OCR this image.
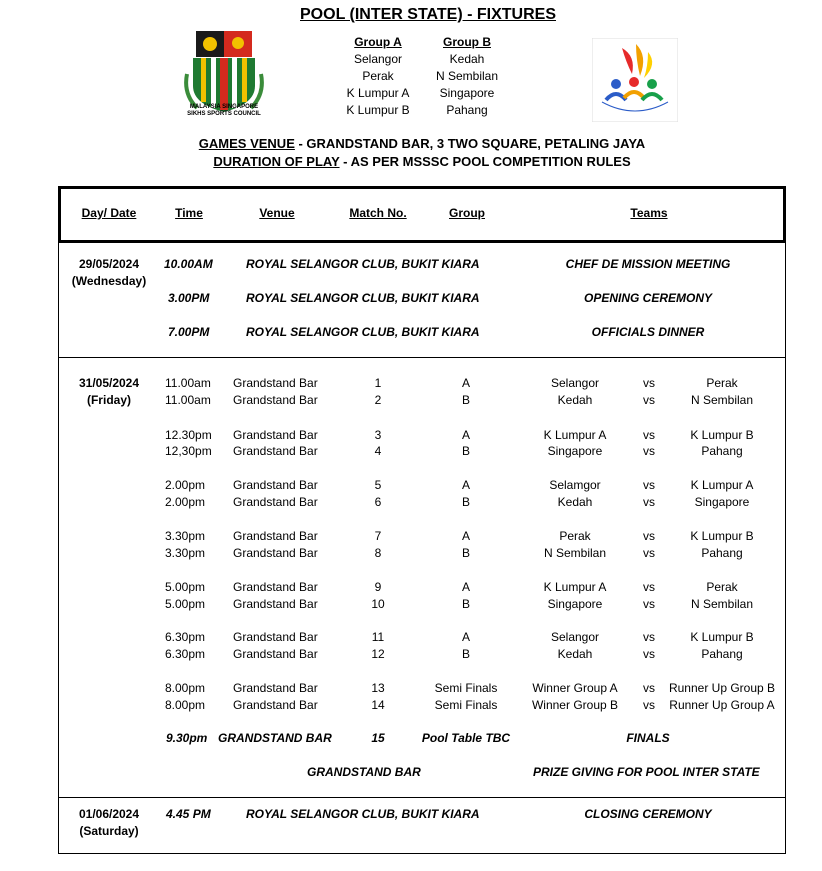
POOL (INTER STATE) - FIXTURES
MALAYSIA SINGAPORE
SIKHS SPORTS COUNCIL
Group A
Selangor
Perak
K Lumpur A
K Lumpur B
Group B
Kedah
N Sembilan
Singapore
Pahang
GAMES VENUE - GRANDSTAND BAR, 3 TWO SQUARE, PETALING JAYA
DURATION OF PLAY - AS PER MSSSC POOL COMPETITION RULES
Day/ Date	Time	Venue	Match No.	Group	Teams
29/05/2024
(Wednesday)
10.00AM	ROYAL SELANGOR CLUB, BUKIT KIARA	CHEF DE MISSION MEETING
3.00PM	ROYAL SELANGOR CLUB, BUKIT KIARA	OPENING CEREMONY
7.00PM	ROYAL SELANGOR CLUB, BUKIT KIARA	OFFICIALS DINNER
31/05/2024
(Friday)
11.00am	Grandstand Bar	1	A	Selangor	vs	Perak
11.00am	Grandstand Bar	2	B	Kedah	vs	N Sembilan
12.30pm	Grandstand Bar	3	A	K Lumpur A	vs	K Lumpur B
12,30pm	Grandstand Bar	4	B	Singapore	vs	Pahang
2.00pm	Grandstand Bar	5	A	Selamgor	vs	K Lumpur A
2.00pm	Grandstand Bar	6	B	Kedah	vs	Singapore
3.30pm	Grandstand Bar	7	A	Perak	vs	K Lumpur B
3.30pm	Grandstand Bar	8	B	N Sembilan	vs	Pahang
5.00pm	Grandstand Bar	9	A	K Lumpur A	vs	Perak
5.00pm	Grandstand Bar	10	B	Singapore	vs	N Sembilan
6.30pm	Grandstand Bar	11	A	Selangor	vs	K Lumpur B
6.30pm	Grandstand Bar	12	B	Kedah	vs	Pahang
8.00pm	Grandstand Bar	13	Semi Finals	Winner Group A	vs	Runner Up Group B
8.00pm	Grandstand Bar	14	Semi Finals	Winner Group B	vs	Runner Up Group A
9.30pm GRANDSTAND BAR	15	Pool Table TBC	FINALS
GRANDSTAND BAR	PRIZE GIVING FOR POOL INTER STATE
01/06/2024
(Saturday)
4.45 PM	ROYAL SELANGOR CLUB, BUKIT KIARA	CLOSING CEREMONY
